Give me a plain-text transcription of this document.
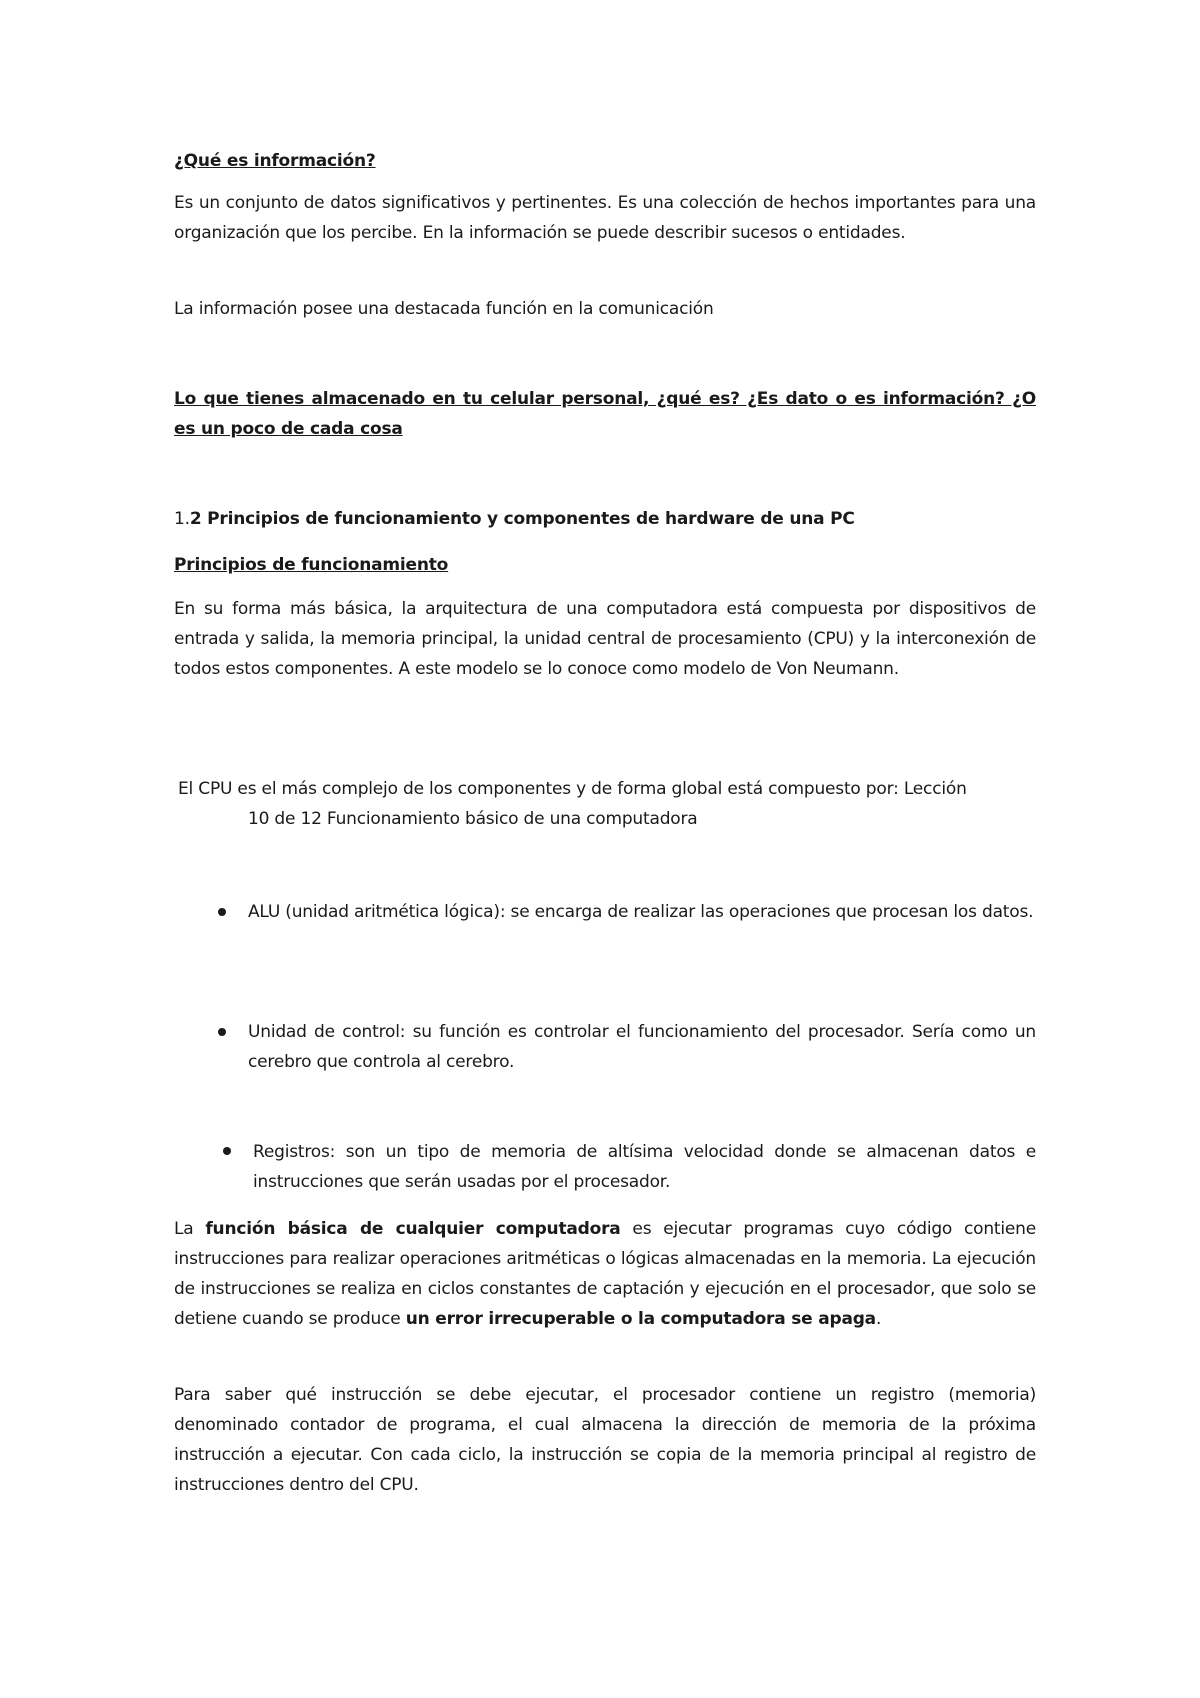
¿Qué es información?
Es un conjunto de datos significativos y pertinentes. Es una colección de hechos importantes para una organización que los percibe. En la información se puede describir sucesos o entidades.
La información posee una destacada función en la comunicación
Lo que tienes almacenado en tu celular personal, ¿qué es? ¿Es dato o es información? ¿O es un poco de cada cosa
1.2 Principios de funcionamiento y componentes de hardware de una PC
Principios de funcionamiento
En su forma más básica, la arquitectura de una computadora está compuesta por dispositivos de entrada y salida, la memoria principal, la unidad central de procesamiento (CPU) y la interconexión de todos estos componentes. A este modelo se lo conoce como modelo de Von Neumann.
El CPU es el más complejo de los componentes y de forma global está compuesto por: Lección
10 de 12 Funcionamiento básico de una computadora
ALU (unidad aritmética lógica): se encarga de realizar las operaciones que procesan los datos.
Unidad de control: su función es controlar el funcionamiento del procesador. Sería como un cerebro que controla al cerebro.
Registros: son un tipo de memoria de altísima velocidad donde se almacenan datos e instrucciones que serán usadas por el procesador.
La función básica de cualquier computadora es ejecutar programas cuyo código contiene instrucciones para realizar operaciones aritméticas o lógicas almacenadas en la memoria. La ejecución de instrucciones se realiza en ciclos constantes de captación y ejecución en el procesador, que solo se detiene cuando se produce un error irrecuperable o la computadora se apaga.
Para saber qué instrucción se debe ejecutar, el procesador contiene un registro (memoria) denominado contador de programa, el cual almacena la dirección de memoria de la próxima instrucción a ejecutar. Con cada ciclo, la instrucción se copia de la memoria principal al registro de instrucciones dentro del CPU.
